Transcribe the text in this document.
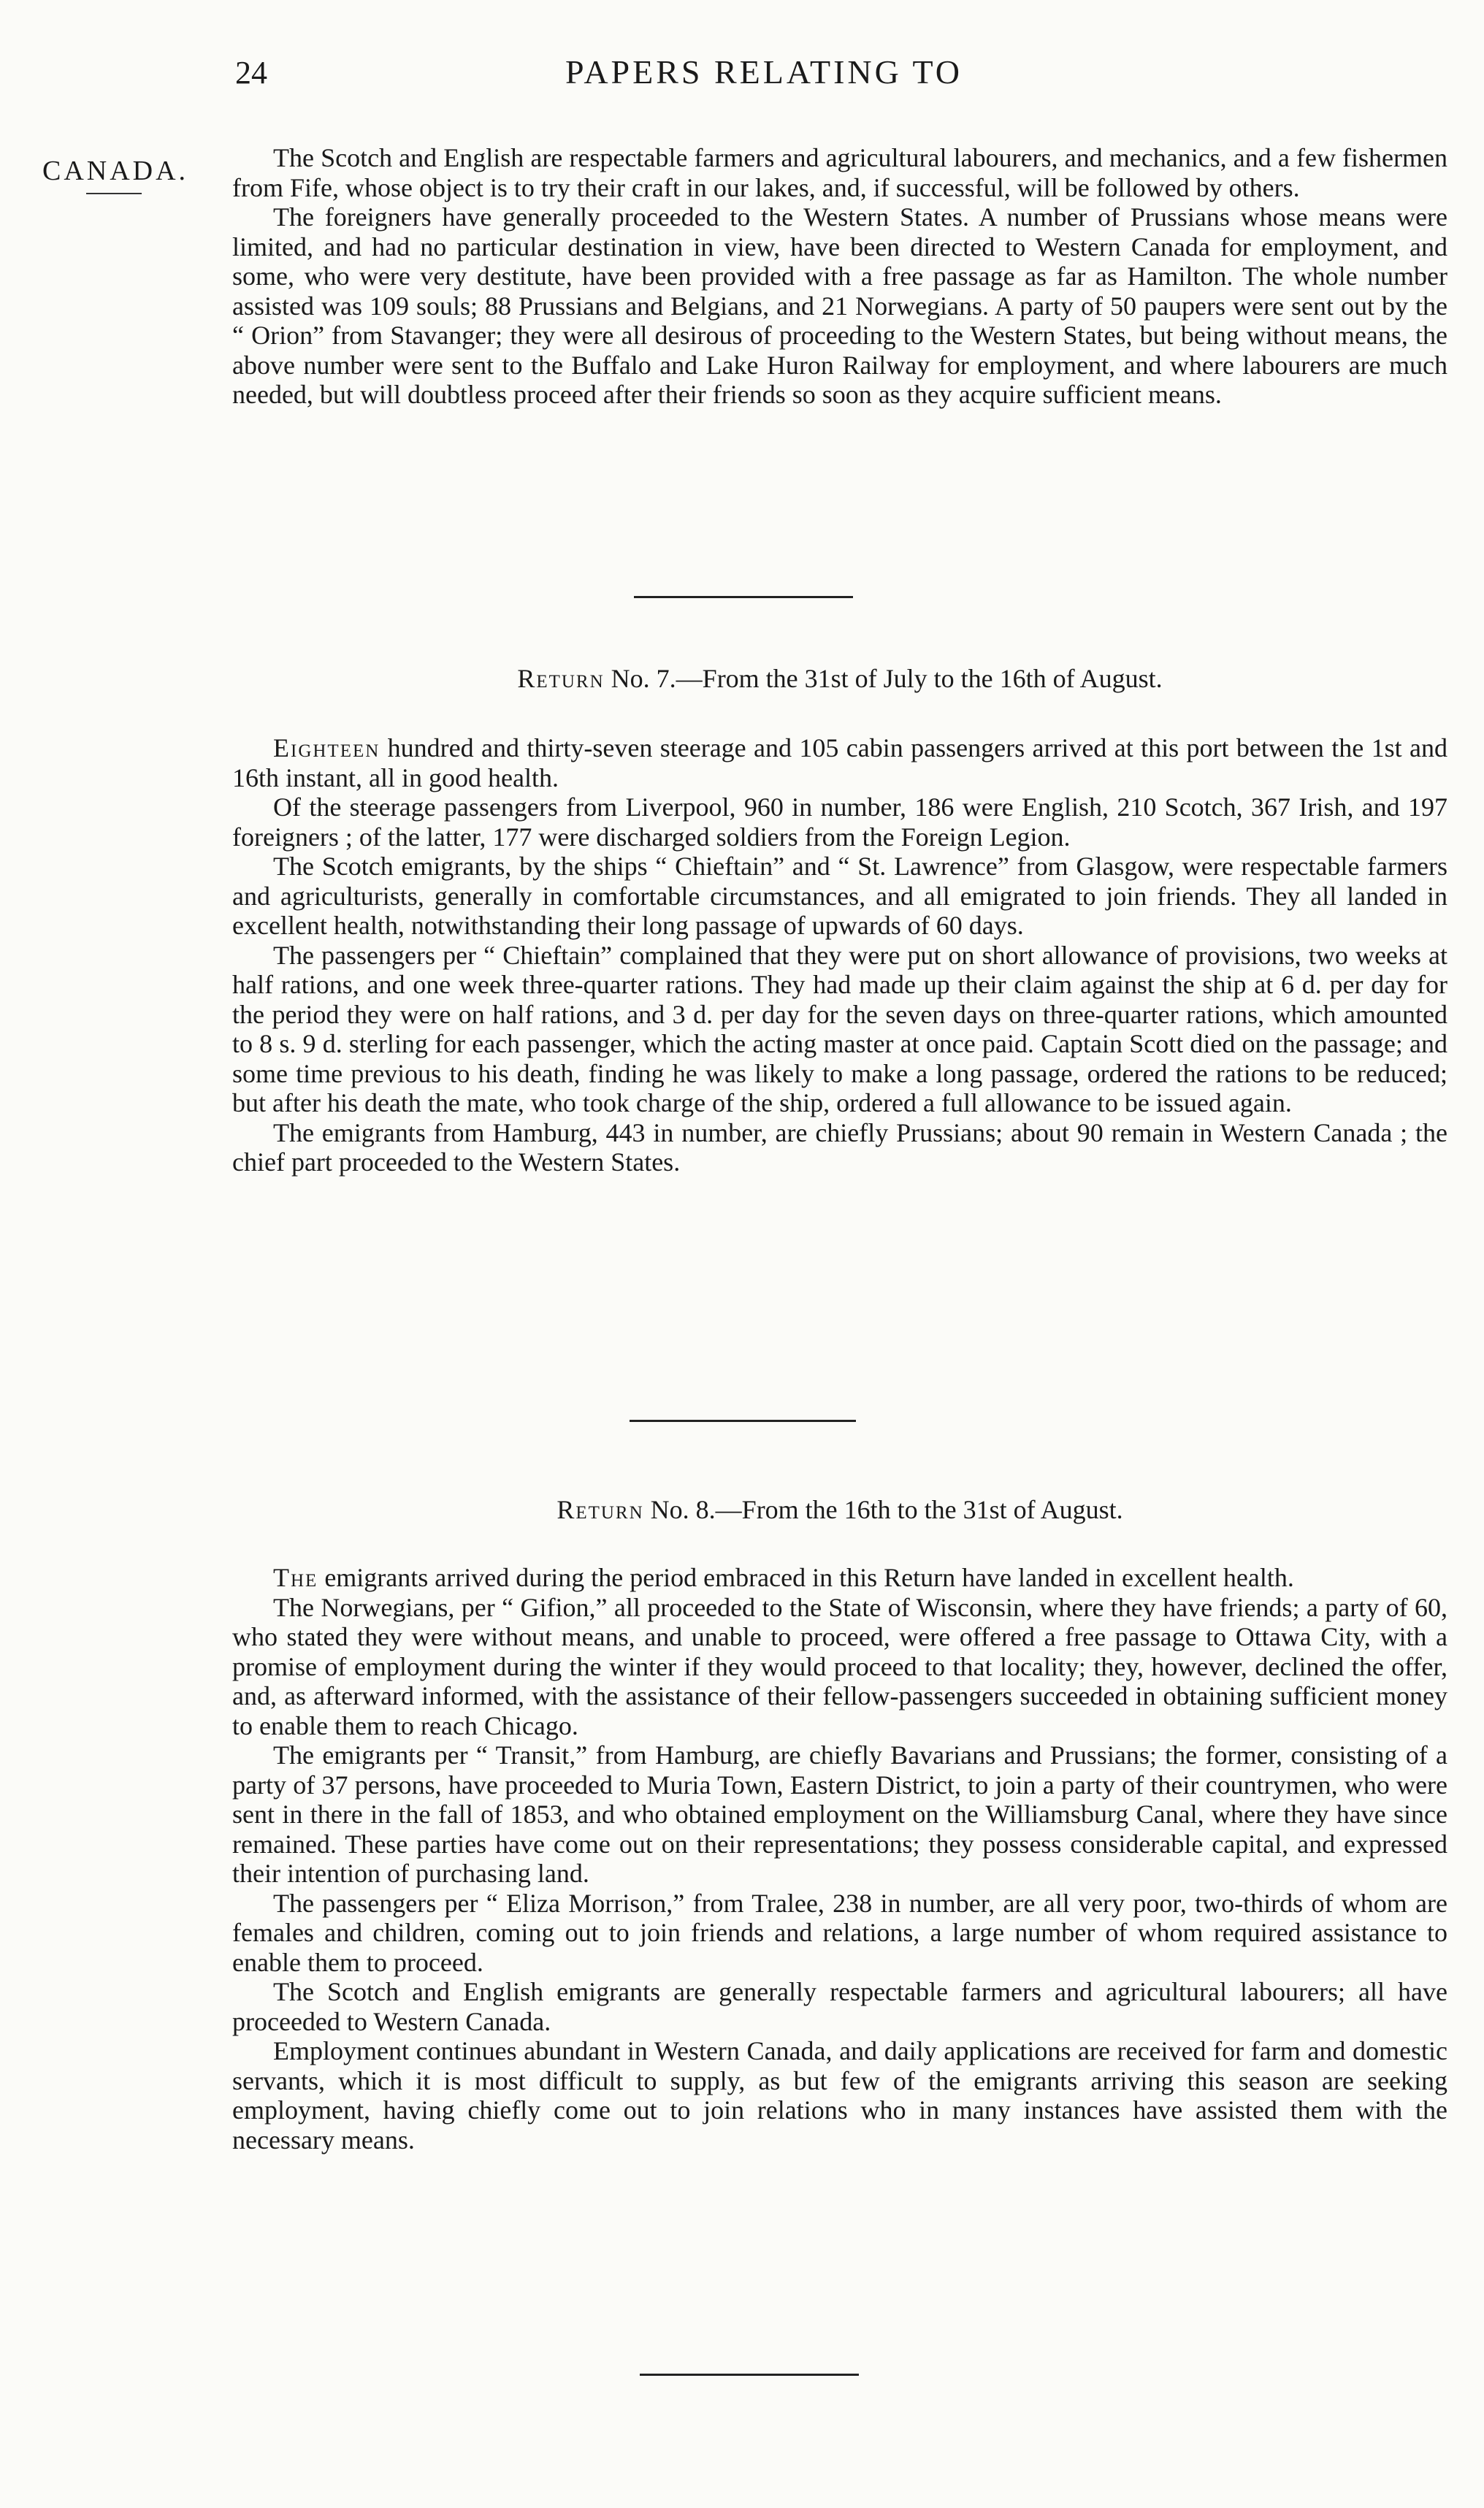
24	PAPERS RELATING TO
CANADA.	The Scotch and English are respectable farmers and agricultural labourers, and mechanics, and a few fishermen from Fife, whose object is to try their craft in our lakes, and, if successful, will be followed by others.

The foreigners have generally proceeded to the Western States. A number of Prussians whose means were limited, and had no particular destination in view, have been directed to Western Canada for employment, and some, who were very destitute, have been provided with a free passage as far as Hamilton. The whole number assisted was 109 souls; 88 Prussians and Belgians, and 21 Norwegians. A party of 50 paupers were sent out by the “ Orion” from Stavanger; they were all desirous of proceeding to the Western States, but being without means, the above number were sent to the Buffalo and Lake Huron Railway for employment, and where labourers are much needed, but will doubtless proceed after their friends so soon as they acquire sufficient means.

Return No. 7.—From the 31st of July to the 16th of August.

Eighteen hundred and thirty-seven steerage and 105 cabin passengers arrived at this port between the 1st and 16th instant, all in good health.

Of the steerage passengers from Liverpool, 960 in number, 186 were English, 210 Scotch, 367 Irish, and 197 foreigners ; of the latter, 177 were discharged soldiers from the Foreign Legion.

The Scotch emigrants, by the ships “ Chieftain” and “ St. Lawrence” from Glasgow, were respectable farmers and agriculturists, generally in comfortable circumstances, and all emigrated to join friends. They all landed in excellent health, notwithstanding their long passage of upwards of 60 days.

The passengers per “ Chieftain” complained that they were put on short allowance of provisions, two weeks at half rations, and one week three-quarter rations. They had made up their claim against the ship at 6 d. per day for the period they were on half rations, and 3 d. per day for the seven days on three-quarter rations, which amounted to 8 s. 9 d. sterling for each passenger, which the acting master at once paid. Captain Scott died on the passage; and some time previous to his death, finding he was likely to make a long passage, ordered the rations to be reduced; but after his death the mate, who took charge of the ship, ordered a full allowance to be issued again.

The emigrants from Hamburg, 443 in number, are chiefly Prussians; about 90 remain in Western Canada ; the chief part proceeded to the Western States.

Return No. 8.—From the 16th to the 31st of August.

The emigrants arrived during the period embraced in this Return have landed in excellent health.

The Norwegians, per “ Gifion,” all proceeded to the State of Wisconsin, where they have friends; a party of 60, who stated they were without means, and unable to proceed, were offered a free passage to Ottawa City, with a promise of employment during the winter if they would proceed to that locality; they, however, declined the offer, and, as afterward informed, with the assistance of their fellow-passengers succeeded in obtaining sufficient money to enable them to reach Chicago.

The emigrants per “ Transit,” from Hamburg, are chiefly Bavarians and Prussians; the former, consisting of a party of 37 persons, have proceeded to Muria Town, Eastern District, to join a party of their countrymen, who were sent in there in the fall of 1853, and who obtained employment on the Williamsburg Canal, where they have since remained. These parties have come out on their representations; they possess considerable capital, and expressed their intention of purchasing land.

The passengers per “ Eliza Morrison,” from Tralee, 238 in number, are all very poor, two-thirds of whom are females and children, coming out to join friends and relations, a large number of whom required assistance to enable them to proceed.

The Scotch and English emigrants are generally respectable farmers and agricultural labourers; all have proceeded to Western Canada.

Employment continues abundant in Western Canada, and daily applications are received for farm and domestic servants, which it is most difficult to supply, as but few of the emigrants arriving this season are seeking employment, having chiefly come out to join relations who in many instances have assisted them with the necessary means.
